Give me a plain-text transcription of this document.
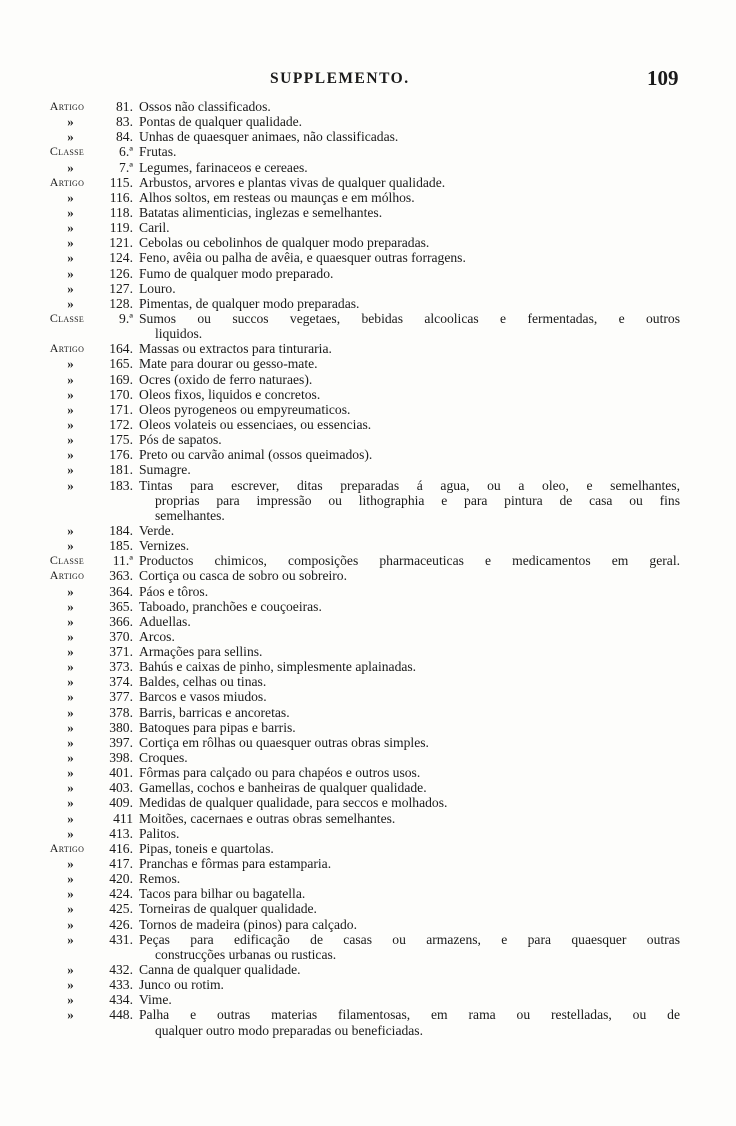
SUPPLEMENTO.	109
Artigo	81. Ossos não classificados.
»	83. Pontas de qualquer qualidade.
»	84. Unhas de quaesquer animaes, não classificadas.
Classe	6.ª Frutas.
»	7.ª Legumes, farinaceos e cereaes.
Artigo	115. Arbustos, arvores e plantas vivas de qualquer qualidade.
»	116. Alhos soltos, em resteas ou maunças e em mólhos.
»	118. Batatas alimenticias, inglezas e semelhantes.
»	119. Caril.
»	121. Cebolas ou cebolinhos de qualquer modo preparadas.
»	124. Feno, avêia ou palha de avêia, e quaesquer outras forragens.
»	126. Fumo de qualquer modo preparado.
»	127. Louro.
»	128. Pimentas, de qualquer modo preparadas.
Classe	9.ª Sumos ou succos vegetaes, bebidas alcoolicas e fermentadas, e outros
liquidos.
Artigo	164. Massas ou extractos para tinturaria.
»	165. Mate para dourar ou gesso-mate.
»	169. Ocres (oxido de ferro naturaes).
»	170. Oleos fixos, liquidos e concretos.
»	171. Oleos pyrogeneos ou empyreumaticos.
»	172. Oleos volateis ou essenciaes, ou essencias.
»	175. Pós de sapatos.
»	176. Preto ou carvão animal (ossos queimados).
»	181. Sumagre.
»	183. Tintas para escrever, ditas preparadas á agua, ou a oleo, e semelhantes,
proprias para impressão ou lithographia e para pintura de casa ou fins
semelhantes.
»	184. Verde.
»	185. Vernizes.
Classe	11.ª Productos chimicos, composições pharmaceuticas e medicamentos em geral.
Artigo	363. Cortiça ou casca de sobro ou sobreiro.
»	364. Páos e tôros.
»	365. Taboado, pranchões e couçoeiras.
»	366. Aduellas.
»	370. Arcos.
»	371. Armações para sellins.
»	373. Bahús e caixas de pinho, simplesmente aplainadas.
»	374. Baldes, celhas ou tinas.
»	377. Barcos e vasos miudos.
»	378. Barris, barricas e ancoretas.
»	380. Batoques para pipas e barris.
»	397. Cortiça em rôlhas ou quaesquer outras obras simples.
»	398. Croques.
»	401. Fôrmas para calçado ou para chapéos e outros usos.
»	403. Gamellas, cochos e banheiras de qualquer qualidade.
»	409. Medidas de qualquer qualidade, para seccos e molhados.
»	411 Moitões, cacernaes e outras obras semelhantes.
»	413. Palitos.
Artigo	416. Pipas, toneis e quartolas.
»	417. Pranchas e fôrmas para estamparia.
»	420. Remos.
»	424. Tacos para bilhar ou bagatella.
»	425. Torneiras de qualquer qualidade.
»	426. Tornos de madeira (pinos) para calçado.
»	431. Peças para edificação de casas ou armazens, e para quaesquer outras
construcções urbanas ou rusticas.
»	432. Canna de qualquer qualidade.
»	433. Junco ou rotim.
»	434. Vime.
»	448. Palha e outras materias filamentosas, em rama ou restelladas, ou de
qualquer outro modo preparadas ou beneficiadas.
